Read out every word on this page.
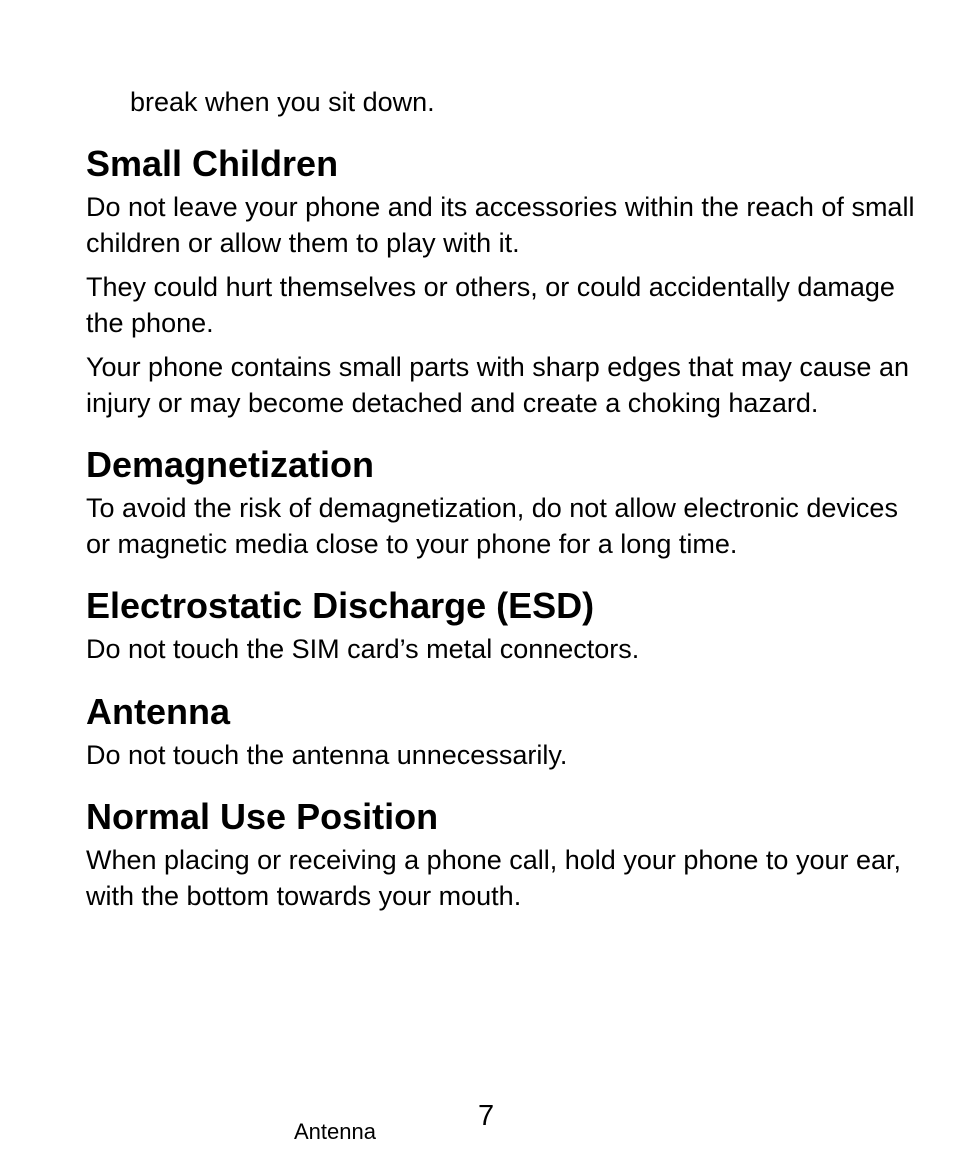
break when you sit down.

Small Children

Do not leave your phone and its accessories within the reach of small children or allow them to play with it.

They could hurt themselves or others, or could accidentally damage the phone.

Your phone contains small parts with sharp edges that may cause an injury or may become detached and create a choking hazard.

Demagnetization

To avoid the risk of demagnetization, do not allow electronic devices or magnetic media close to your phone for a long time.

Electrostatic Discharge (ESD)

Do not touch the SIM card’s metal connectors.

Antenna

Do not touch the antenna unnecessarily.

Normal Use Position

When placing or receiving a phone call, hold your phone to your ear, with the bottom towards your mouth.

Antenna	7
